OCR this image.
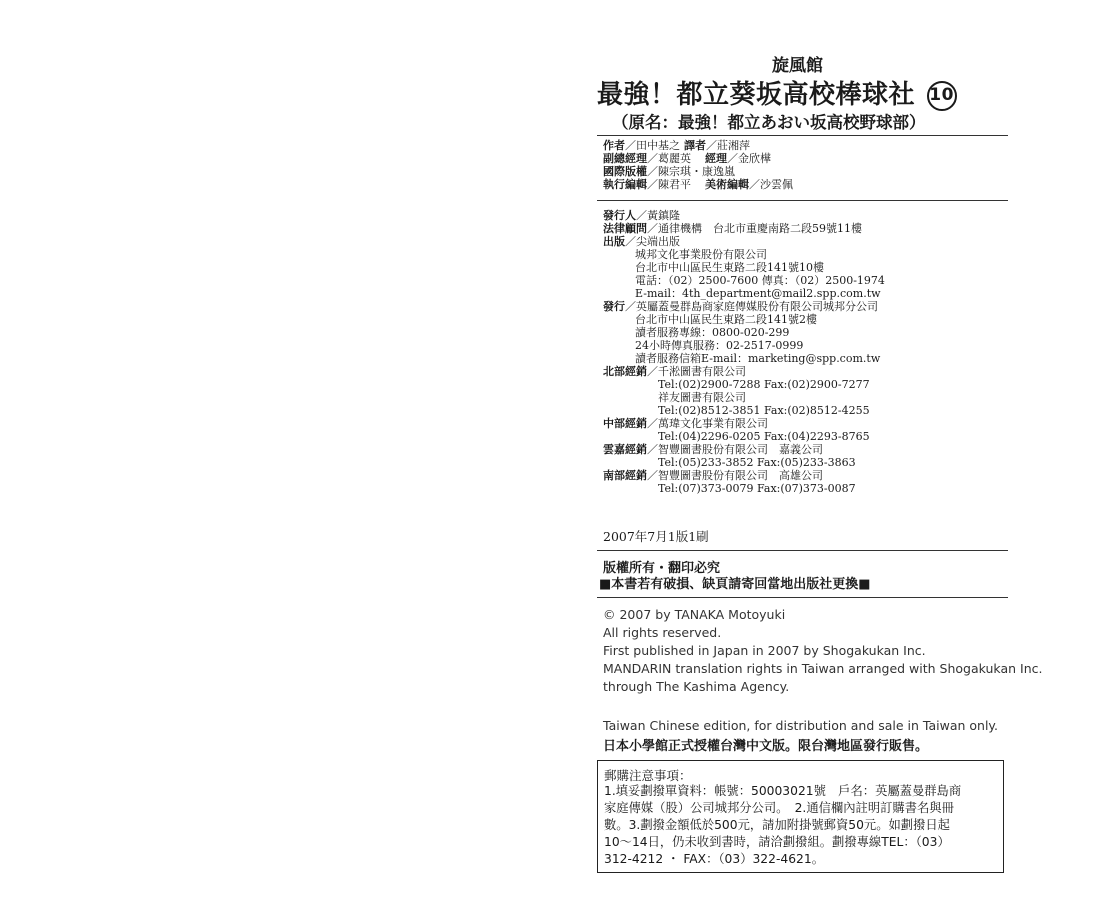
旋風館
最強！都立葵坂高校棒球社 10
（原名：最強！都立あおい坂高校野球部）
作者／田中基之 譯者／莊湘萍
副總經理／葛麗英 經理／金欣樺
國際版權／陳宗琪・康逸嵐
執行編輯／陳君平 美術編輯／沙雲佩
發行人／黃鎮隆
法律顧問／通律機構　台北市重慶南路二段59號11樓
出版／尖端出版
城邦文化事業股份有限公司
台北市中山區民生東路二段141號10樓
電話：（02）2500-7600 傳真：（02）2500-1974
E-mail：4th_department@mail2.spp.com.tw
發行／英屬蓋曼群島商家庭傳媒股份有限公司城邦分公司
台北市中山區民生東路二段141號2樓
讀者服務專線：0800-020-299
24小時傳真服務：02-2517-0999
讀者服務信箱E-mail：marketing@spp.com.tw
北部經銷／千淞圖書有限公司
Tel:(02)2900-7288 Fax:(02)2900-7277
祥友圖書有限公司
Tel:(02)8512-3851 Fax:(02)8512-4255
中部經銷／萬瑋文化事業有限公司
Tel:(04)2296-0205 Fax:(04)2293-8765
雲嘉經銷／智豐圖書股份有限公司　嘉義公司
Tel:(05)233-3852 Fax:(05)233-3863
南部經銷／智豐圖書股份有限公司　高雄公司
Tel:(07)373-0079 Fax:(07)373-0087
2007年7月1版1刷
版權所有・翻印必究
■本書若有破損、缺頁請寄回當地出版社更換■
© 2007 by TANAKA Motoyuki
All rights reserved.
First published in Japan in 2007 by Shogakukan Inc.
MANDARIN translation rights in Taiwan arranged with Shogakukan Inc.
through The Kashima Agency.
Taiwan Chinese edition, for distribution and sale in Taiwan only.
日本小學館正式授權台灣中文版。限台灣地區發行販售。
郵購注意事項：
1.填妥劃撥單資料：帳號：50003021號　戶名：英屬蓋曼群島商
家庭傳媒（股）公司城邦分公司。　2.通信欄內註明訂購書名與冊
數。3.劃撥金額低於500元，請加附掛號郵資50元。如劃撥日起
10～14日，仍未收到書時，請洽劃撥組。劃撥專線TEL：（03）
312-4212 ・ FAX：（03）322-4621。
